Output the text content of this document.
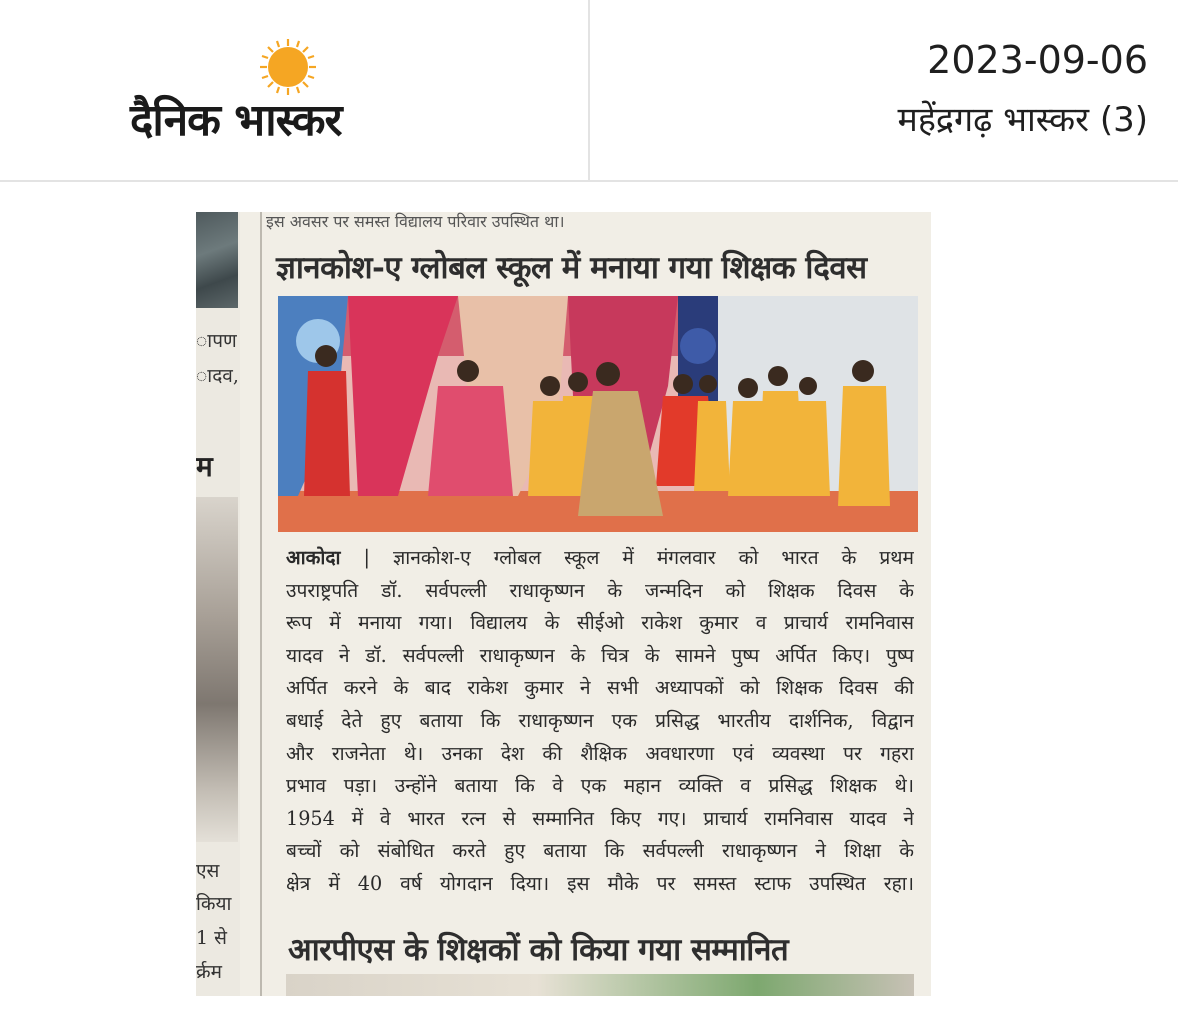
दैनिक भास्कर
2023-09-06
महेंद्रगढ़ भास्कर (3)
ापण
ादव,
म
एस
किया
1 से
र्क्रम
इस अवसर पर समस्त विद्यालय परिवार उपस्थित था।
ज्ञानकोश-ए ग्लोबल स्कूल में मनाया गया शिक्षक दिवस
आकोदा | ज्ञानकोश-ए ग्लोबल स्कूल में मंगलवार को भारत के प्रथम
उपराष्ट्रपति डॉ. सर्वपल्ली राधाकृष्णन के जन्मदिन को शिक्षक दिवस के
रूप में मनाया गया। विद्यालय के सीईओ राकेश कुमार व प्राचार्य रामनिवास
यादव ने डॉ. सर्वपल्ली राधाकृष्णन के चित्र के सामने पुष्प अर्पित किए। पुष्प
अर्पित करने के बाद राकेश कुमार ने सभी अध्यापकों को शिक्षक दिवस की
बधाई देते हुए बताया कि राधाकृष्णन एक प्रसिद्ध भारतीय दार्शनिक, विद्वान
और राजनेता थे। उनका देश की शैक्षिक अवधारणा एवं व्यवस्था पर गहरा
प्रभाव पड़ा। उन्होंने बताया कि वे एक महान व्यक्ति व प्रसिद्ध शिक्षक थे।
1954 में वे भारत रत्न से सम्मानित किए गए। प्राचार्य रामनिवास यादव ने
बच्चों को संबोधित करते हुए बताया कि सर्वपल्ली राधाकृष्णन ने शिक्षा के
क्षेत्र में 40 वर्ष योगदान दिया। इस मौके पर समस्त स्टाफ उपस्थित रहा।
आरपीएस के शिक्षकों को किया गया सम्मानित
